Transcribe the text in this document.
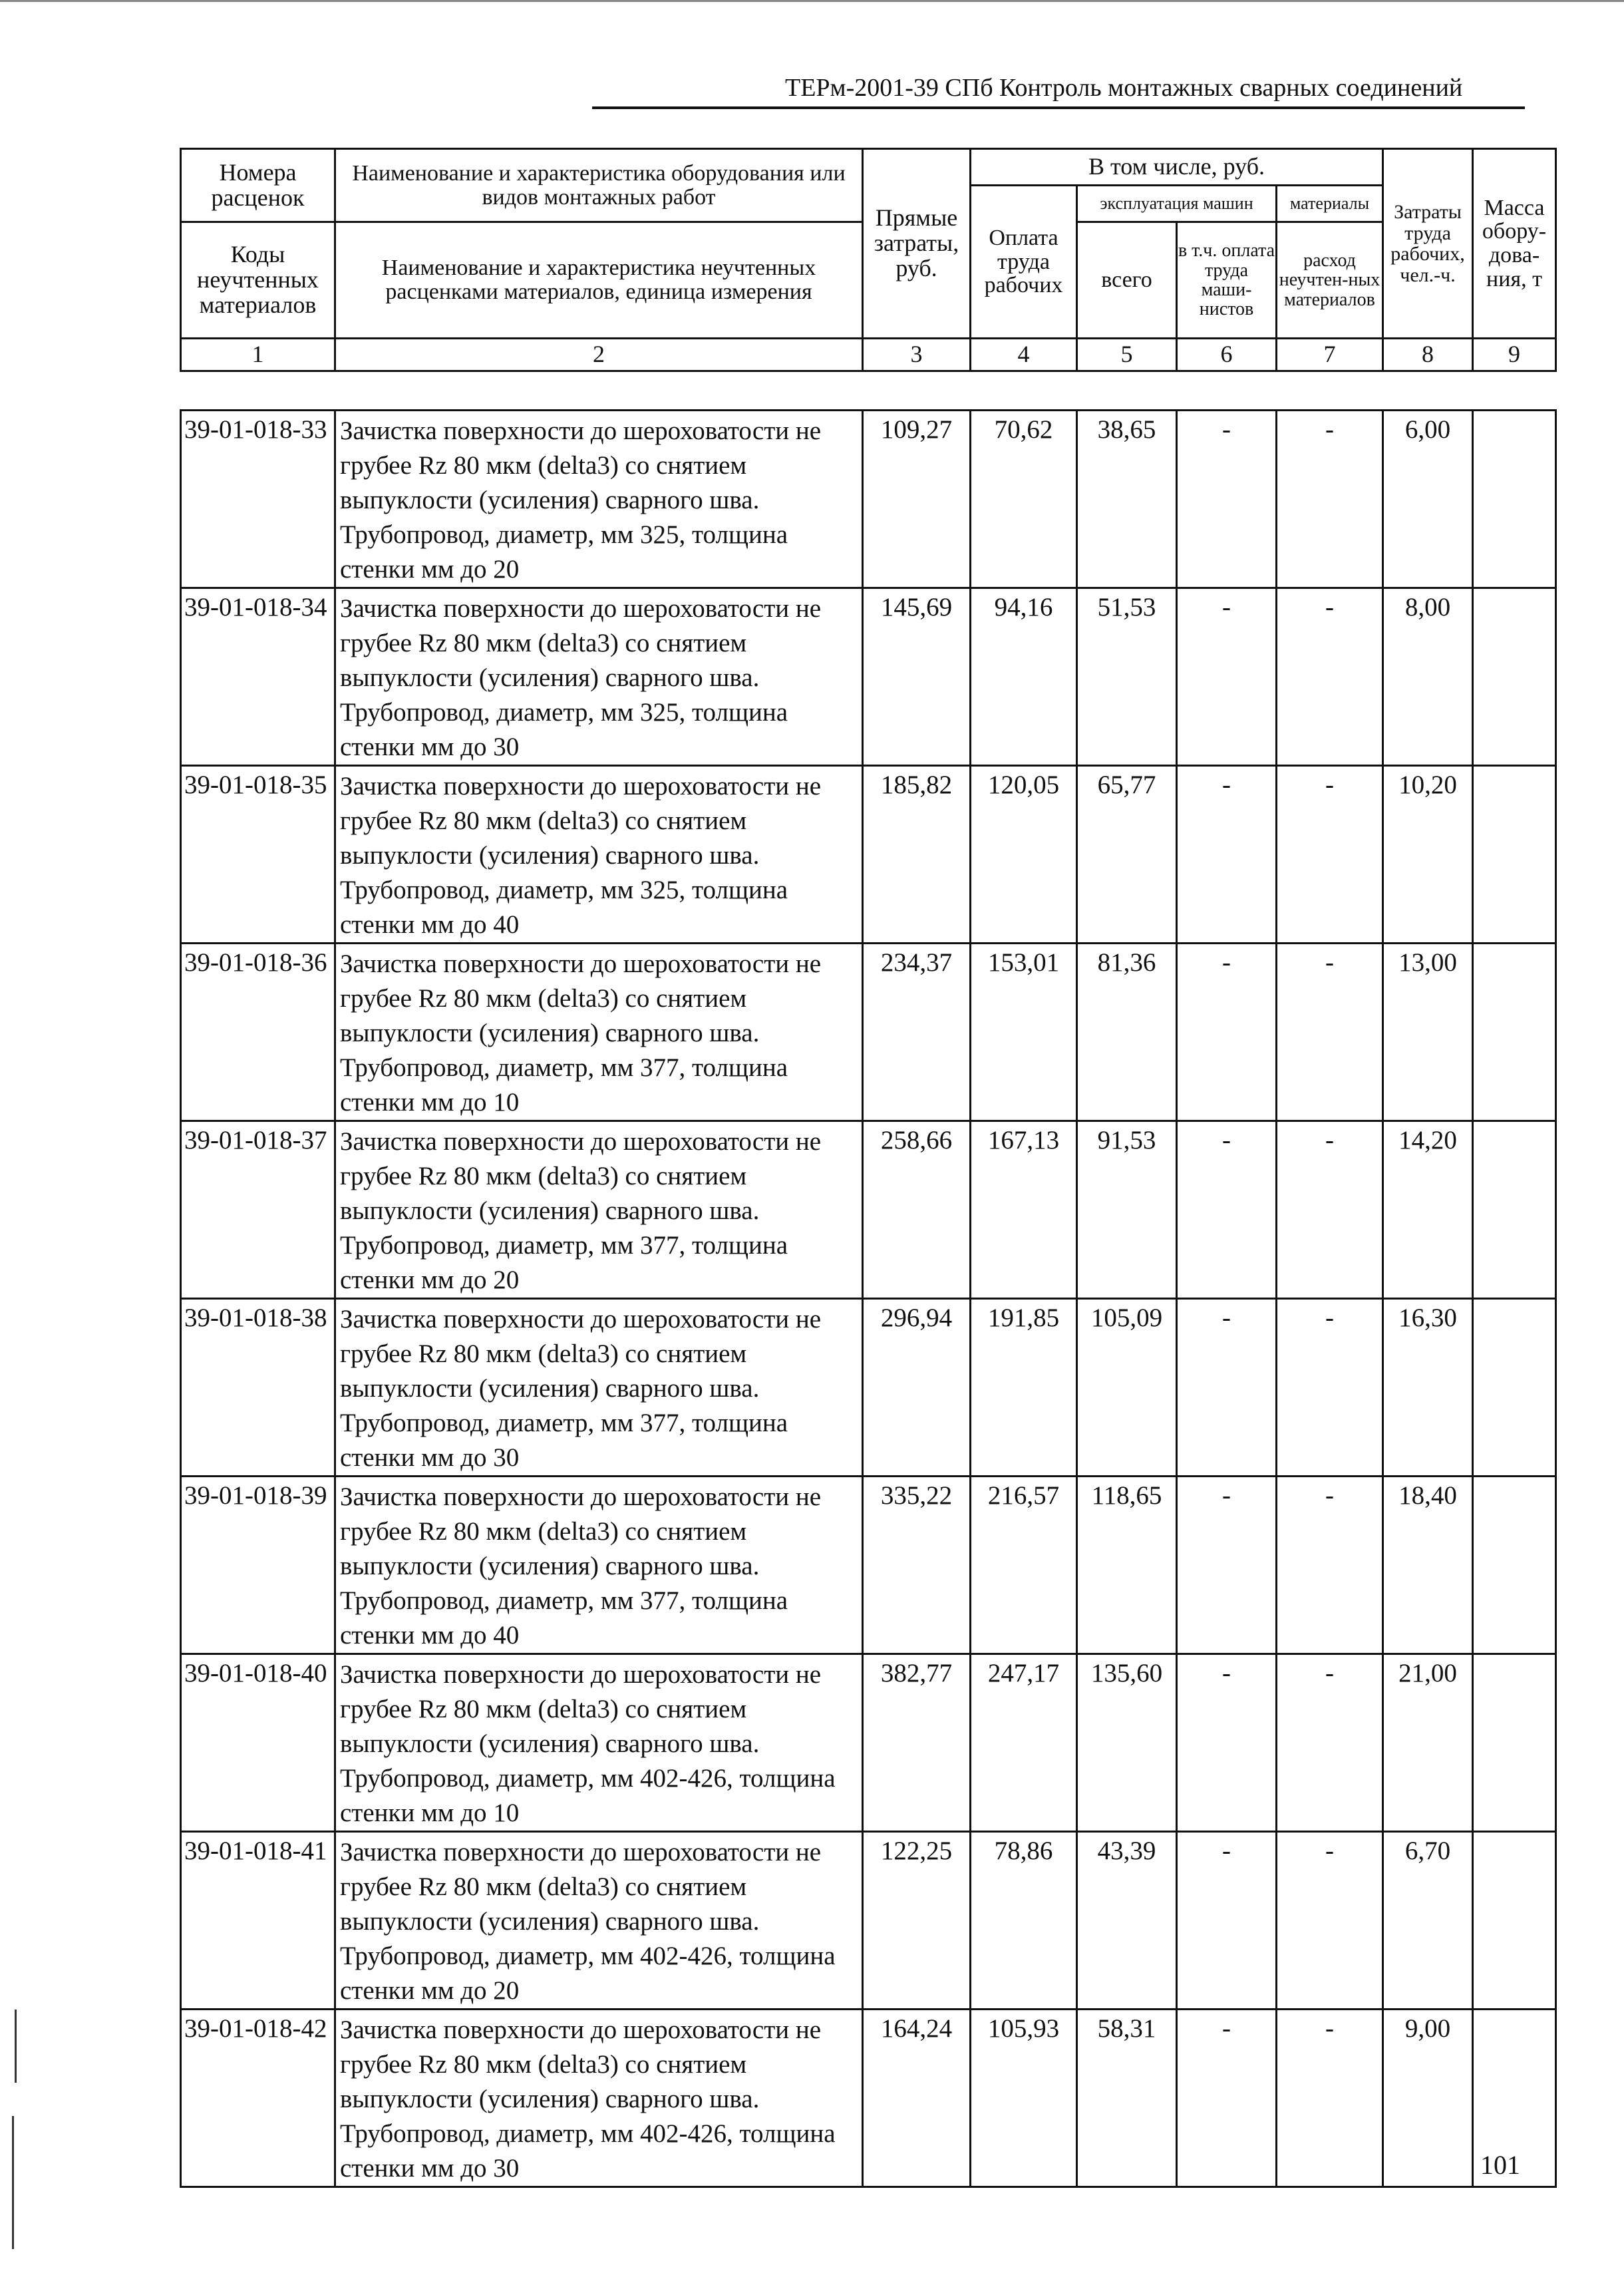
ТЕРм-2001-39 СПб Контроль монтажных сварных соединений
Номера расценок	Наименование и характеристика оборудования или видов монтажных работ	Прямые затраты, руб.	В том числе, руб.				Затраты труда рабочих, чел.-ч.	Масса обору-дова-ния, т
			Оплата труда рабочих	эксплуатация машин		материалы		
Коды неучтенных материалов	Наименование и характеристика неучтенных расценками материалов, единица измерения			всего	в т.ч. оплата труда маши-нистов	расход неучтен-ных материалов		

1	2	3	4	5	6	7	8	9
39-01-018-33	Зачистка поверхности до шероховатости не грубее Rz 80 мкм (delta3) со снятием выпуклости (усиления) сварного шва. Трубопровод, диаметр, мм 325, толщина стенки мм до 20	109,27	70,62	38,65	-	-	6,00	
39-01-018-34	Зачистка поверхности до шероховатости не грубее Rz 80 мкм (delta3) со снятием выпуклости (усиления) сварного шва. Трубопровод, диаметр, мм 325, толщина стенки мм до 30	145,69	94,16	51,53	-	-	8,00	
39-01-018-35	Зачистка поверхности до шероховатости не грубее Rz 80 мкм (delta3) со снятием выпуклости (усиления) сварного шва. Трубопровод, диаметр, мм 325, толщина стенки мм до 40	185,82	120,05	65,77	-	-	10,20	
39-01-018-36	Зачистка поверхности до шероховатости не грубее Rz 80 мкм (delta3) со снятием выпуклости (усиления) сварного шва. Трубопровод, диаметр, мм 377, толщина стенки мм до 10	234,37	153,01	81,36	-	-	13,00	
39-01-018-37	Зачистка поверхности до шероховатости не грубее Rz 80 мкм (delta3) со снятием выпуклости (усиления) сварного шва. Трубопровод, диаметр, мм 377, толщина стенки мм до 20	258,66	167,13	91,53	-	-	14,20	
39-01-018-38	Зачистка поверхности до шероховатости не грубее Rz 80 мкм (delta3) со снятием выпуклости (усиления) сварного шва. Трубопровод, диаметр, мм 377, толщина стенки мм до 30	296,94	191,85	105,09	-	-	16,30	
39-01-018-39	Зачистка поверхности до шероховатости не грубее Rz 80 мкм (delta3) со снятием выпуклости (усиления) сварного шва. Трубопровод, диаметр, мм 377, толщина стенки мм до 40	335,22	216,57	118,65	-	-	18,40	
39-01-018-40	Зачистка поверхности до шероховатости не грубее Rz 80 мкм (delta3) со снятием выпуклости (усиления) сварного шва. Трубопровод, диаметр, мм 402-426, толщина стенки мм до 10	382,77	247,17	135,60	-	-	21,00	
39-01-018-41	Зачистка поверхности до шероховатости не грубее Rz 80 мкм (delta3) со снятием выпуклости (усиления) сварного шва. Трубопровод, диаметр, мм 402-426, толщина стенки мм до 20	122,25	78,86	43,39	-	-	6,70	
39-01-018-42	Зачистка поверхности до шероховатости не грубее Rz 80 мкм (delta3) со снятием выпуклости (усиления) сварного шва. Трубопровод, диаметр, мм 402-426, толщина стенки мм до 30	164,24	105,93	58,31	-	-	9,00	
101
